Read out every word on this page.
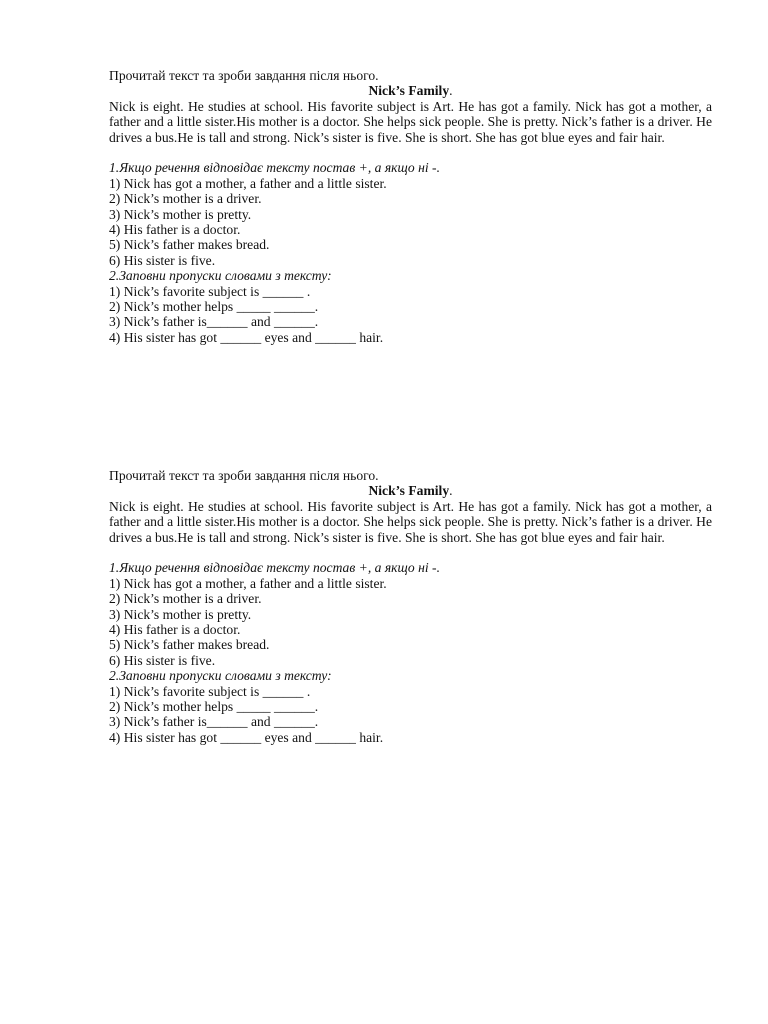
Прочитай текст та зроби завдання після нього.

Nick’s Family.

Nick is eight. He studies at school. His favorite subject is Art. He has got a family. Nick has got a mother, a father and a little sister.His mother is a doctor. She helps sick people. She is pretty. Nick’s father is a driver. He drives a bus.He is tall and strong. Nick’s sister is five. She is short. She has got blue eyes and fair hair.

1.Якщо речення відповідає тексту постав +, а якщо ні -.

1) Nick has got a mother, a father and a little sister.
2) Nick’s mother is a driver.
3) Nick’s mother is pretty.
4) His father is a doctor.
5) Nick’s father makes bread.
6) His sister is five.

2.Заповни пропуски словами з тексту:

1) Nick’s favorite subject is ______ .
2) Nick’s mother helps _____ ______.
3) Nick’s father is______ and ______.
4) His sister has got ______ eyes and ______ hair.

Прочитай текст та зроби завдання після нього.

Nick’s Family.

Nick is eight. He studies at school. His favorite subject is Art. He has got a family. Nick has got a mother, a father and a little sister.His mother is a doctor. She helps sick people. She is pretty. Nick’s father is a driver. He drives a bus.He is tall and strong. Nick’s sister is five. She is short. She has got blue eyes and fair hair.

1.Якщо речення відповідає тексту постав +, а якщо ні -.

1) Nick has got a mother, a father and a little sister.
2) Nick’s mother is a driver.
3) Nick’s mother is pretty.
4) His father is a doctor.
5) Nick’s father makes bread.
6) His sister is five.

2.Заповни пропуски словами з тексту:

1) Nick’s favorite subject is ______ .
2) Nick’s mother helps _____ ______.
3) Nick’s father is______ and ______.
4) His sister has got ______ eyes and ______ hair.
